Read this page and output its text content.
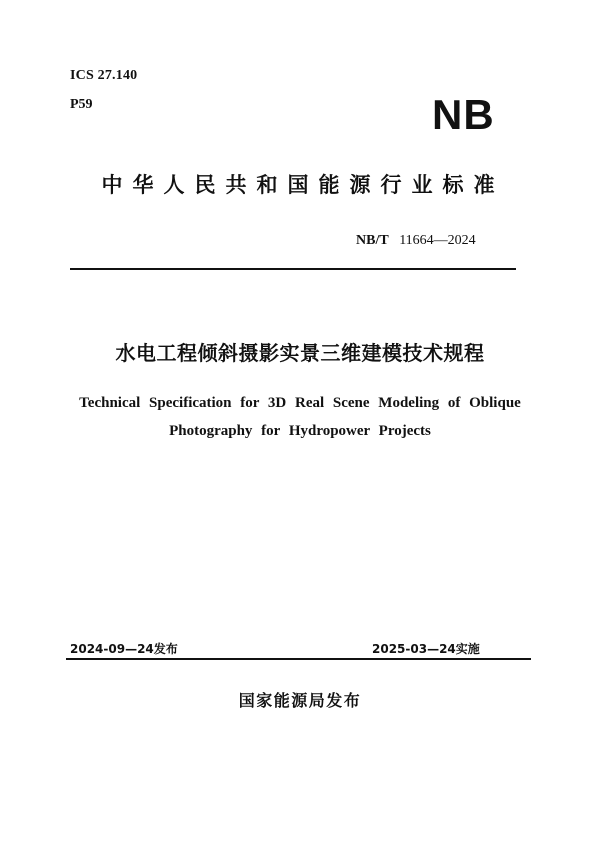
ICS 27.140
P59	NB
中华人民共和国能源行业标准
NB/T 11664—2024
水电工程倾斜摄影实景三维建模技术规程
Technical Specification for 3D Real Scene Modeling of Oblique
Photography for Hydropower Projects
2024-09—24发布	2025-03—24实施
国家能源局发布
